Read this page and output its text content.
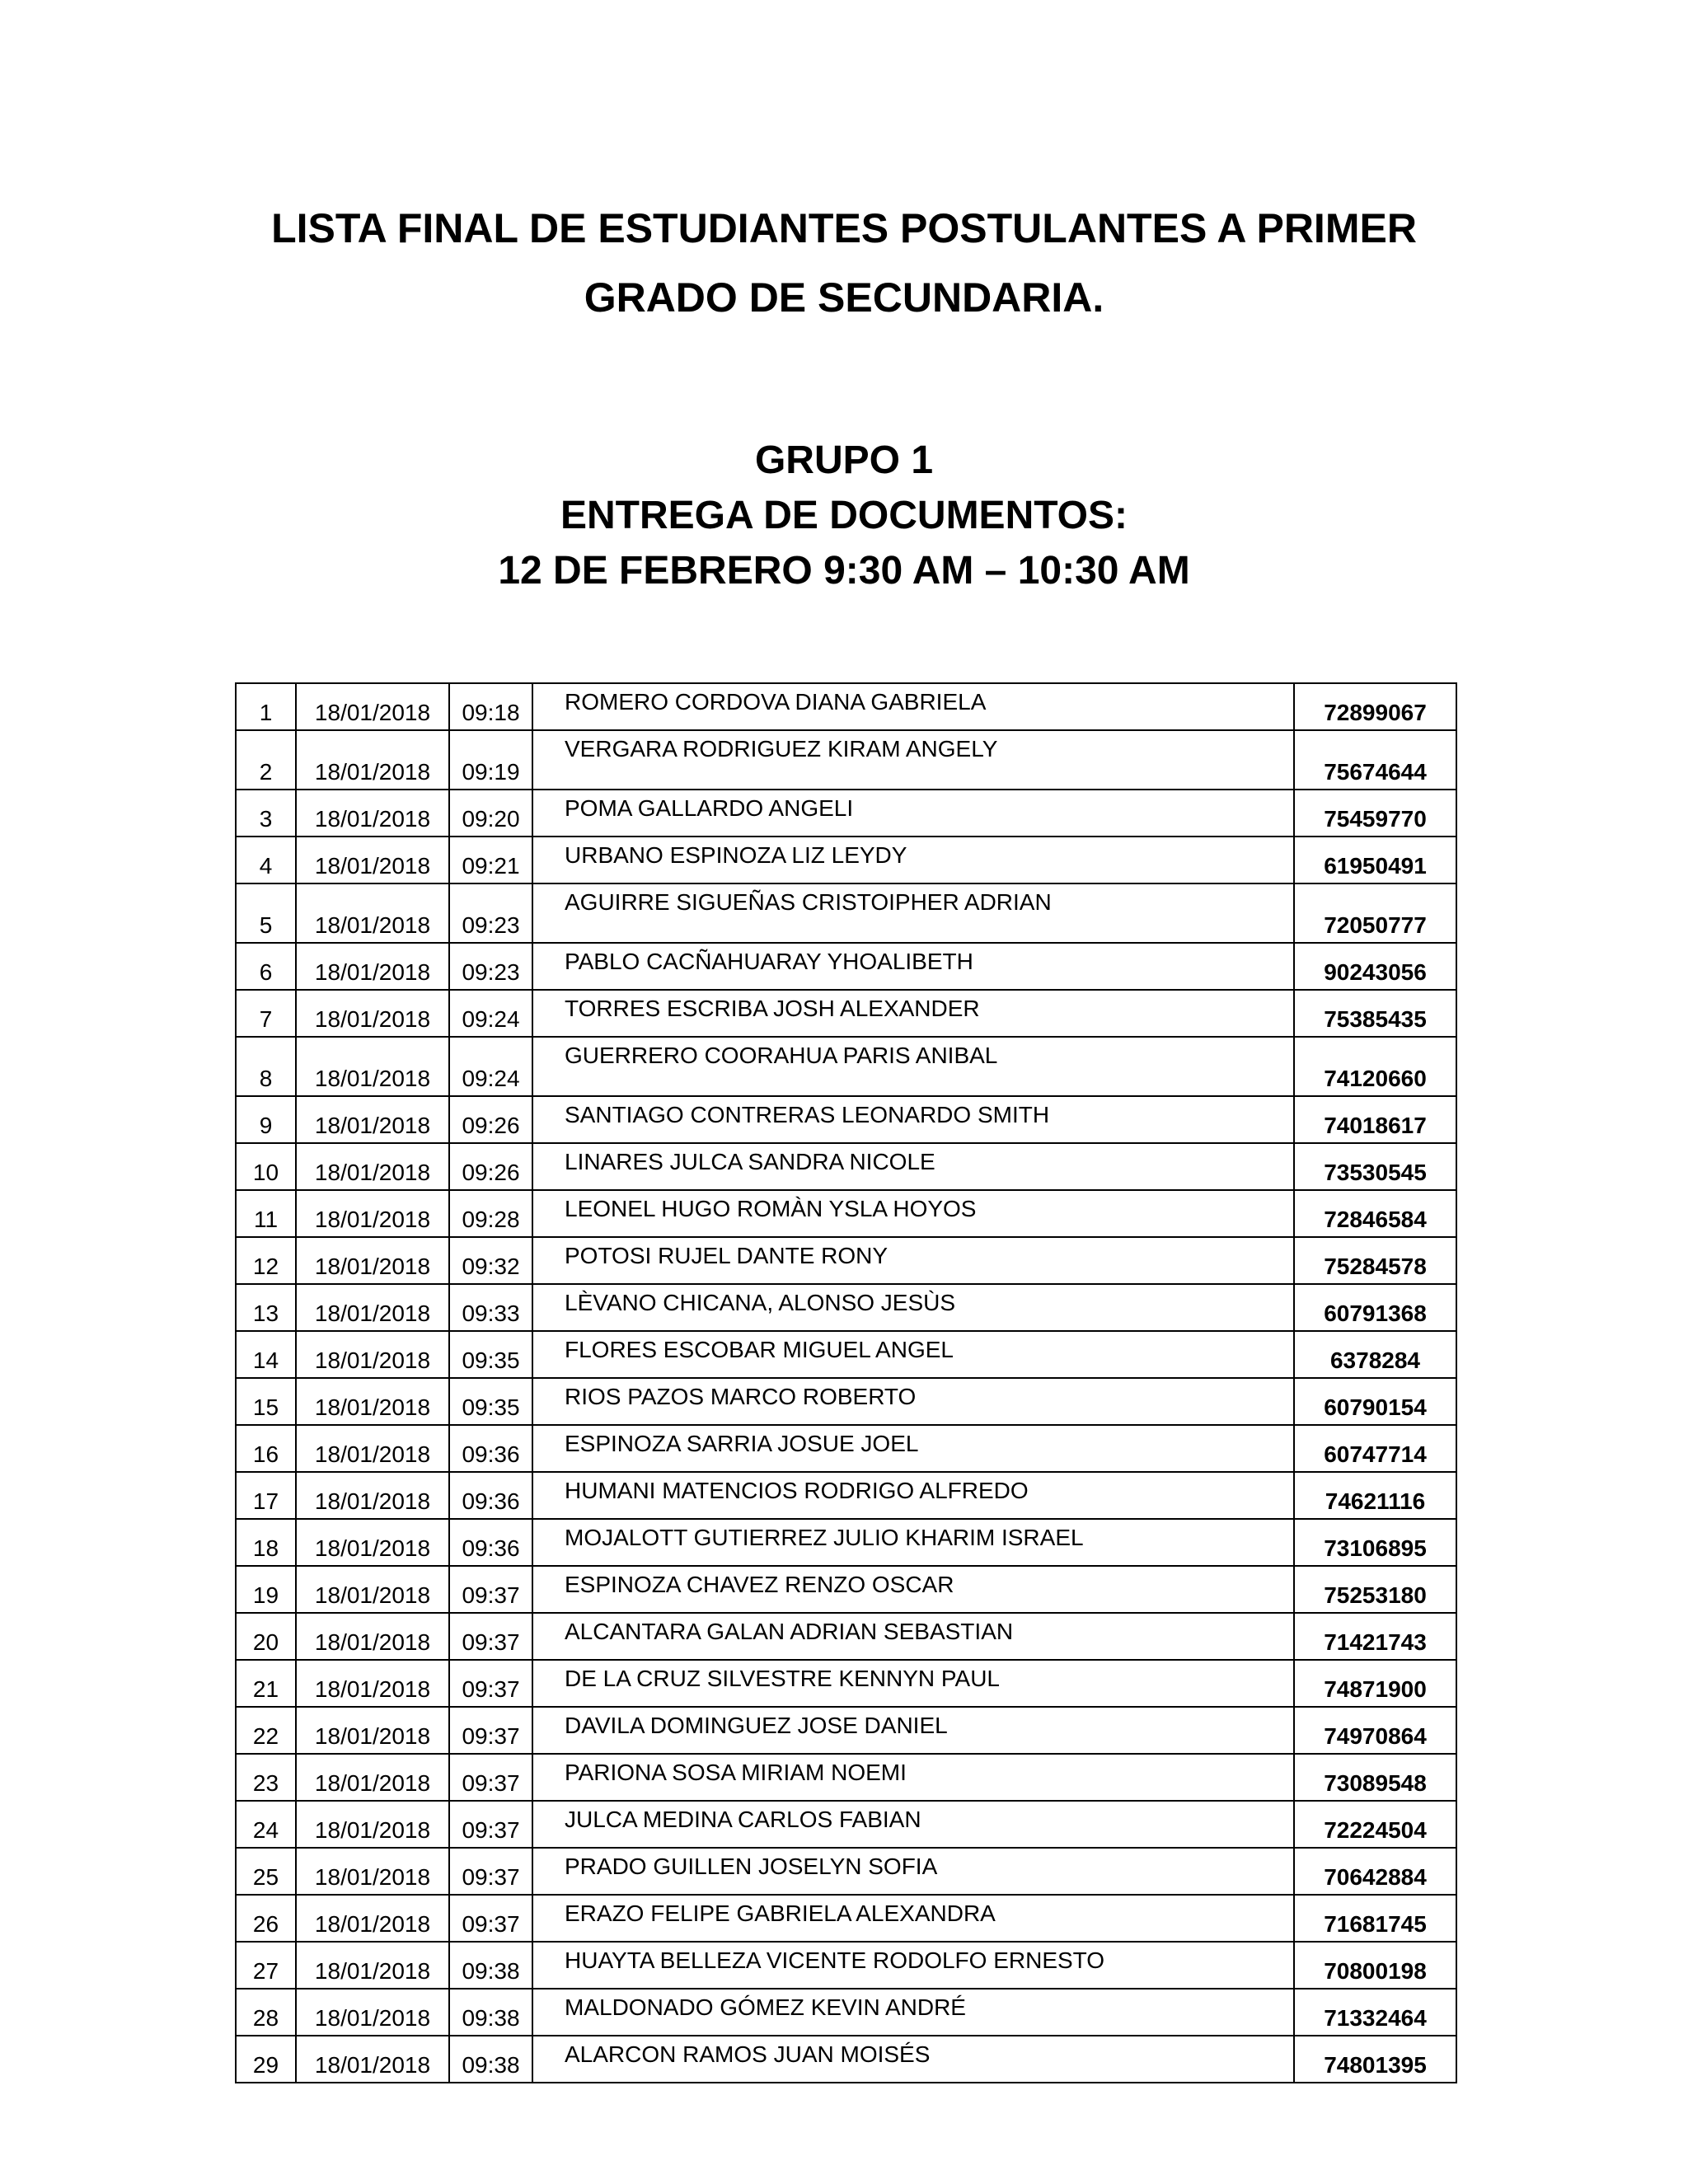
LISTA FINAL DE ESTUDIANTES POSTULANTES A PRIMER
GRADO DE SECUNDARIA.
GRUPO 1
ENTREGA DE DOCUMENTOS:
12 DE FEBRERO 9:30 AM – 10:30 AM
1	18/01/2018	09:18	ROMERO CORDOVA DIANA GABRIELA	72899067
2	18/01/2018	09:19	VERGARA RODRIGUEZ KIRAM ANGELY	75674644
3	18/01/2018	09:20	POMA GALLARDO ANGELI	75459770
4	18/01/2018	09:21	URBANO ESPINOZA LIZ LEYDY	61950491
5	18/01/2018	09:23	AGUIRRE SIGUEÑAS CRISTOIPHER ADRIAN	72050777
6	18/01/2018	09:23	PABLO CACÑAHUARAY YHOALIBETH	90243056
7	18/01/2018	09:24	TORRES ESCRIBA JOSH ALEXANDER	75385435
8	18/01/2018	09:24	GUERRERO COORAHUA PARIS ANIBAL	74120660
9	18/01/2018	09:26	SANTIAGO CONTRERAS LEONARDO SMITH	74018617
10	18/01/2018	09:26	LINARES JULCA SANDRA NICOLE	73530545
11	18/01/2018	09:28	LEONEL HUGO ROMÀN YSLA HOYOS	72846584
12	18/01/2018	09:32	POTOSI RUJEL DANTE RONY	75284578
13	18/01/2018	09:33	LÈVANO CHICANA, ALONSO JESÙS	60791368
14	18/01/2018	09:35	FLORES ESCOBAR MIGUEL ANGEL	6378284
15	18/01/2018	09:35	RIOS PAZOS MARCO ROBERTO	60790154
16	18/01/2018	09:36	ESPINOZA SARRIA JOSUE JOEL	60747714
17	18/01/2018	09:36	HUMANI MATENCIOS RODRIGO ALFREDO	74621116
18	18/01/2018	09:36	MOJALOTT GUTIERREZ JULIO KHARIM ISRAEL	73106895
19	18/01/2018	09:37	ESPINOZA CHAVEZ RENZO OSCAR	75253180
20	18/01/2018	09:37	ALCANTARA GALAN ADRIAN SEBASTIAN	71421743
21	18/01/2018	09:37	DE LA CRUZ SILVESTRE KENNYN PAUL	74871900
22	18/01/2018	09:37	DAVILA DOMINGUEZ JOSE DANIEL	74970864
23	18/01/2018	09:37	PARIONA SOSA MIRIAM NOEMI	73089548
24	18/01/2018	09:37	JULCA MEDINA CARLOS FABIAN	72224504
25	18/01/2018	09:37	PRADO GUILLEN JOSELYN SOFIA	70642884
26	18/01/2018	09:37	ERAZO FELIPE GABRIELA ALEXANDRA	71681745
27	18/01/2018	09:38	HUAYTA BELLEZA VICENTE RODOLFO ERNESTO	70800198
28	18/01/2018	09:38	MALDONADO GÓMEZ KEVIN ANDRÉ	71332464
29	18/01/2018	09:38	ALARCON RAMOS JUAN MOISÉS	74801395
